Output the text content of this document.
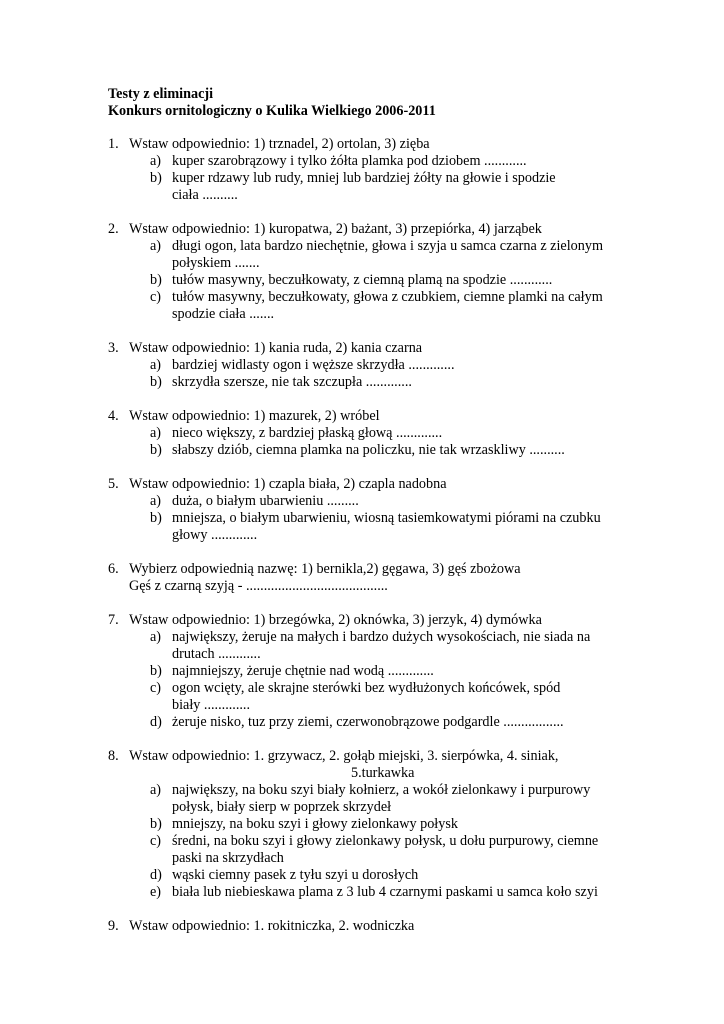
Testy z eliminacji
Konkurs ornitologiczny o Kulika Wielkiego 2006-2011
1. Wstaw odpowiednio: 1) trznadel, 2) ortolan, 3) zięba
a) kuper szarobrązowy i tylko żółta plamka pod dziobem ............
b) kuper rdzawy lub rudy, mniej lub bardziej żółty na głowie i spodzie
ciała ..........
2. Wstaw odpowiednio: 1) kuropatwa, 2) bażant, 3) przepiórka, 4) jarząbek
a) długi ogon, lata bardzo niechętnie, głowa i szyja u samca czarna z zielonym
połyskiem .......
b) tułów masywny, beczułkowaty, z ciemną plamą na spodzie ............
c) tułów masywny, beczułkowaty, głowa z czubkiem, ciemne plamki na całym
spodzie ciała .......
3. Wstaw odpowiednio: 1) kania ruda, 2) kania czarna
a) bardziej widlasty ogon i węższe skrzydła .............
b) skrzydła szersze, nie tak szczupła .............
4. Wstaw odpowiednio: 1) mazurek, 2) wróbel
a) nieco większy, z bardziej płaską głową .............
b) słabszy dziób, ciemna plamka na policzku, nie tak wrzaskliwy ..........
5. Wstaw odpowiednio: 1) czapla biała, 2) czapla nadobna
a) duża, o białym ubarwieniu .........
b) mniejsza, o białym ubarwieniu, wiosną tasiemkowatymi piórami na czubku
głowy .............
6. Wybierz odpowiednią nazwę: 1) bernikla,2) gęgawa, 3) gęś zbożowa
Gęś z czarną szyją - ........................................
7. Wstaw odpowiednio: 1) brzegówka, 2) oknówka, 3) jerzyk, 4) dymówka
a) największy, żeruje na małych i bardzo dużych wysokościach, nie siada na
drutach ............
b) najmniejszy, żeruje chętnie nad wodą .............
c) ogon wcięty, ale skrajne sterówki bez wydłużonych końcówek, spód
biały .............
d) żeruje nisko, tuz przy ziemi, czerwonobrązowe podgardle .................
8. Wstaw odpowiednio: 1. grzywacz, 2. gołąb miejski, 3. sierpówka, 4. siniak,
5.turkawka
a) największy, na boku szyi biały kołnierz, a wokół zielonkawy i purpurowy
połysk, biały sierp w poprzek skrzydeł
b) mniejszy, na boku szyi i głowy zielonkawy połysk
c) średni, na boku szyi i głowy zielonkawy połysk, u dołu purpurowy, ciemne
paski na skrzydłach
d) wąski ciemny pasek z tyłu szyi u dorosłych
e) biała lub niebieskawa plama z 3 lub 4 czarnymi paskami u samca koło szyi
9. Wstaw odpowiednio: 1. rokitniczka, 2. wodniczka
